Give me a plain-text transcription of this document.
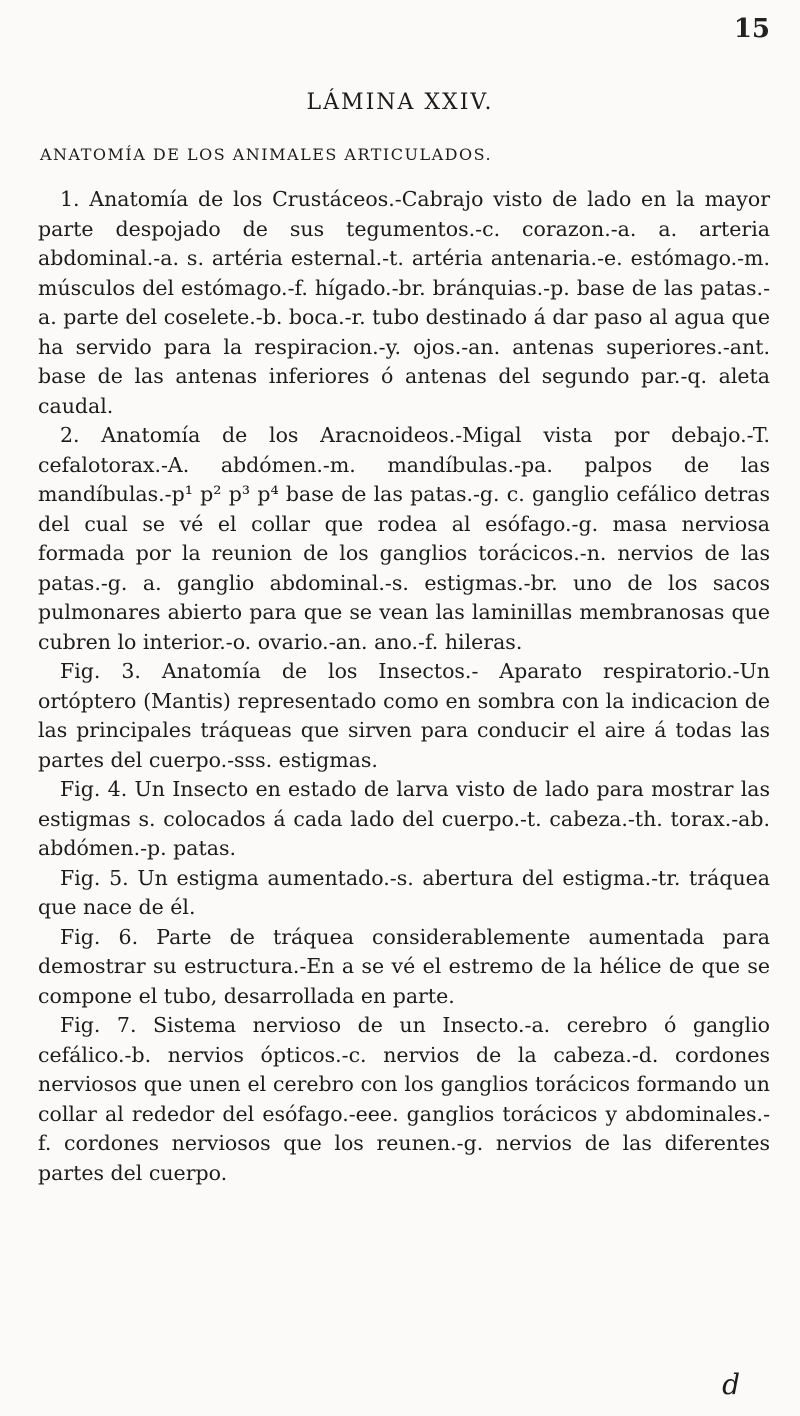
15
LÁMINA XXIV.
ANATOMÍA DE LOS ANIMALES ARTICULADOS.

1. Anatomía de los Crustáceos.-Cabrajo visto de lado en la mayor parte despojado de sus tegumentos.-c. corazon.-a. a. arteria abdominal.-a. s. artéria esternal.-t. artéria antenaria.-e. estómago.-m. músculos del estómago.-f. hígado.-br. bránquias.-p. base de las patas.-a. parte del coselete.-b. boca.-r. tubo destinado á dar paso al agua que ha servido para la respiracion.-y. ojos.-an. antenas superiores.-ant. base de las antenas inferiores ó antenas del segundo par.-q. aleta caudal.

2. Anatomía de los Aracnoideos.-Migal vista por debajo.-T. cefalotorax.-A. abdómen.-m. mandíbulas.-pa. palpos de las mandíbulas.-p¹ p² p³ p⁴ base de las patas.-g. c. ganglio cefálico detras del cual se vé el collar que rodea al esófago.-g. masa nerviosa formada por la reunion de los ganglios torácicos.-n. nervios de las patas.-g. a. ganglio abdominal.-s. estigmas.-br. uno de los sacos pulmonares abierto para que se vean las laminillas membranosas que cubren lo interior.-o. ovario.-an. ano.-f. hileras.

Fig. 3. Anatomía de los Insectos.- Aparato respiratorio.-Un ortóptero (Mantis) representado como en sombra con la indicacion de las principales tráqueas que sirven para conducir el aire á todas las partes del cuerpo.-sss. estigmas.

Fig. 4. Un Insecto en estado de larva visto de lado para mostrar las estigmas s. colocados á cada lado del cuerpo.-t. cabeza.-th. torax.-ab. abdómen.-p. patas.

Fig. 5. Un estigma aumentado.-s. abertura del estigma.-tr. tráquea que nace de él.

Fig. 6. Parte de tráquea considerablemente aumentada para demostrar su estructura.-En a se vé el estremo de la hélice de que se compone el tubo, desarrollada en parte.

Fig. 7. Sistema nervioso de un Insecto.-a. cerebro ó ganglio cefálico.-b. nervios ópticos.-c. nervios de la cabeza.-d. cordones nerviosos que unen el cerebro con los ganglios torácicos formando un collar al rededor del esófago.-eee. ganglios torácicos y abdominales.-f. cordones nerviosos que los reunen.-g. nervios de las diferentes partes del cuerpo.

d
